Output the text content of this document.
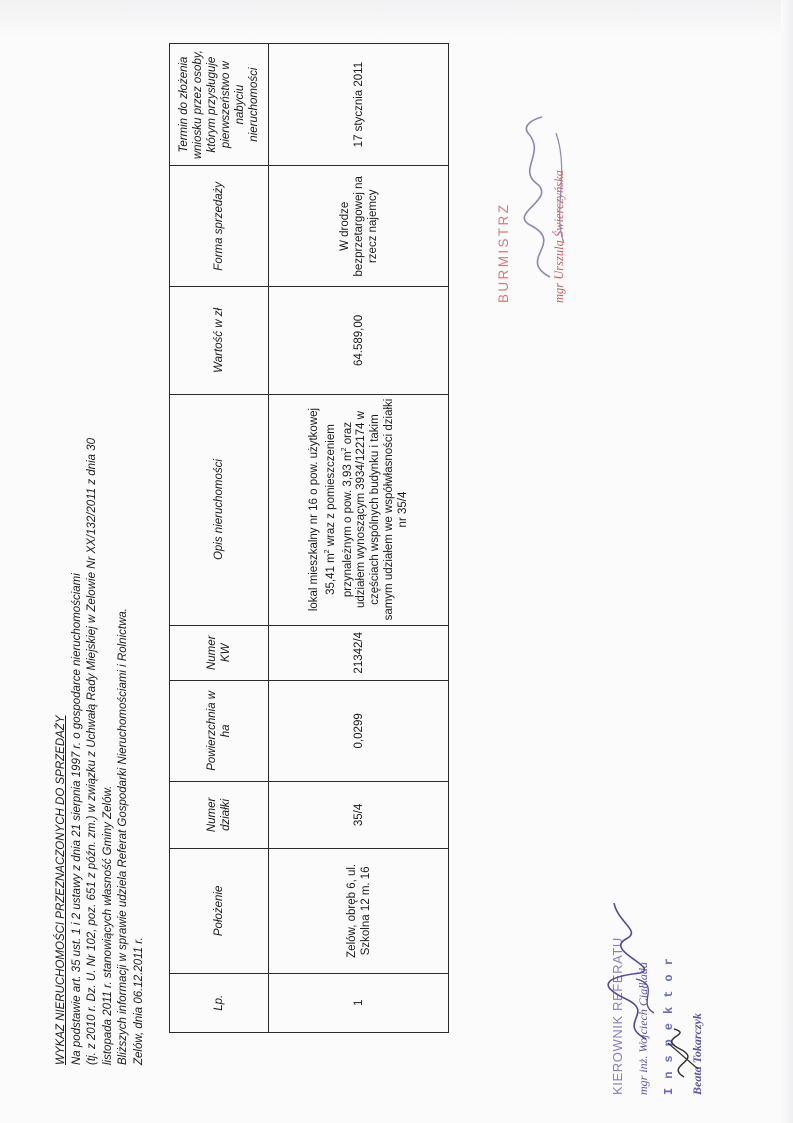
WYKAZ NIERUCHOMOŚCI PRZEZNACZONYCH DO SPRZEDAŻY Na podstawie art. 35 ust. 1 i 2 ustawy z dnia 21 sierpnia 1997 r. o gospodarce nieruchomościami (tj. z 2010 r. Dz. U. Nr 102, poz. 651 z późn. zm.) w związku z Uchwałą Rady Miejskiej w Zelowie Nr XX/132/2011 z dnia 30 listopada 2011 r. stanowiących własność Gminy Zelów. Bliższych informacji w sprawie udziela Referat Gospodarki Nieruchomościami i Rolnictwa. Zelów, dnia 06.12.2011 r.	Lp.	Położenie	Numer działki	Powierzchnia w ha	Numer KW	Opis nieruchomości	Wartość w zł	Forma sprzedaży	Termin do złożenia wniosku przez osoby, którym przysługuje pierwszeństwo w nabyciu nieruchomości
1	Zelów, obręb 6, ul. Szkolna 12 m. 16	35/4	0,0299	21342/4	lokal mieszkalny nr 16 o pow. użytkowej 35,41 $m^2$ wraz z pomieszczeniem przynależnym o pow. 3,93 $m^2$ oraz udziałem wynoszącym 3934/122174 w częściach wspólnych budynku i takim samym udziałem we współwłasności działki nr 35/4	64.589,00	W drodze bezprzetargowej na rzecz najemcy	17 stycznia 2011
KIEROWNIK REFERATU mgr inż. Wojciech Ciałkada Inspektor Beata Tokarczyk
BURMISTRZ	mgr Urszula Świerczyńska
